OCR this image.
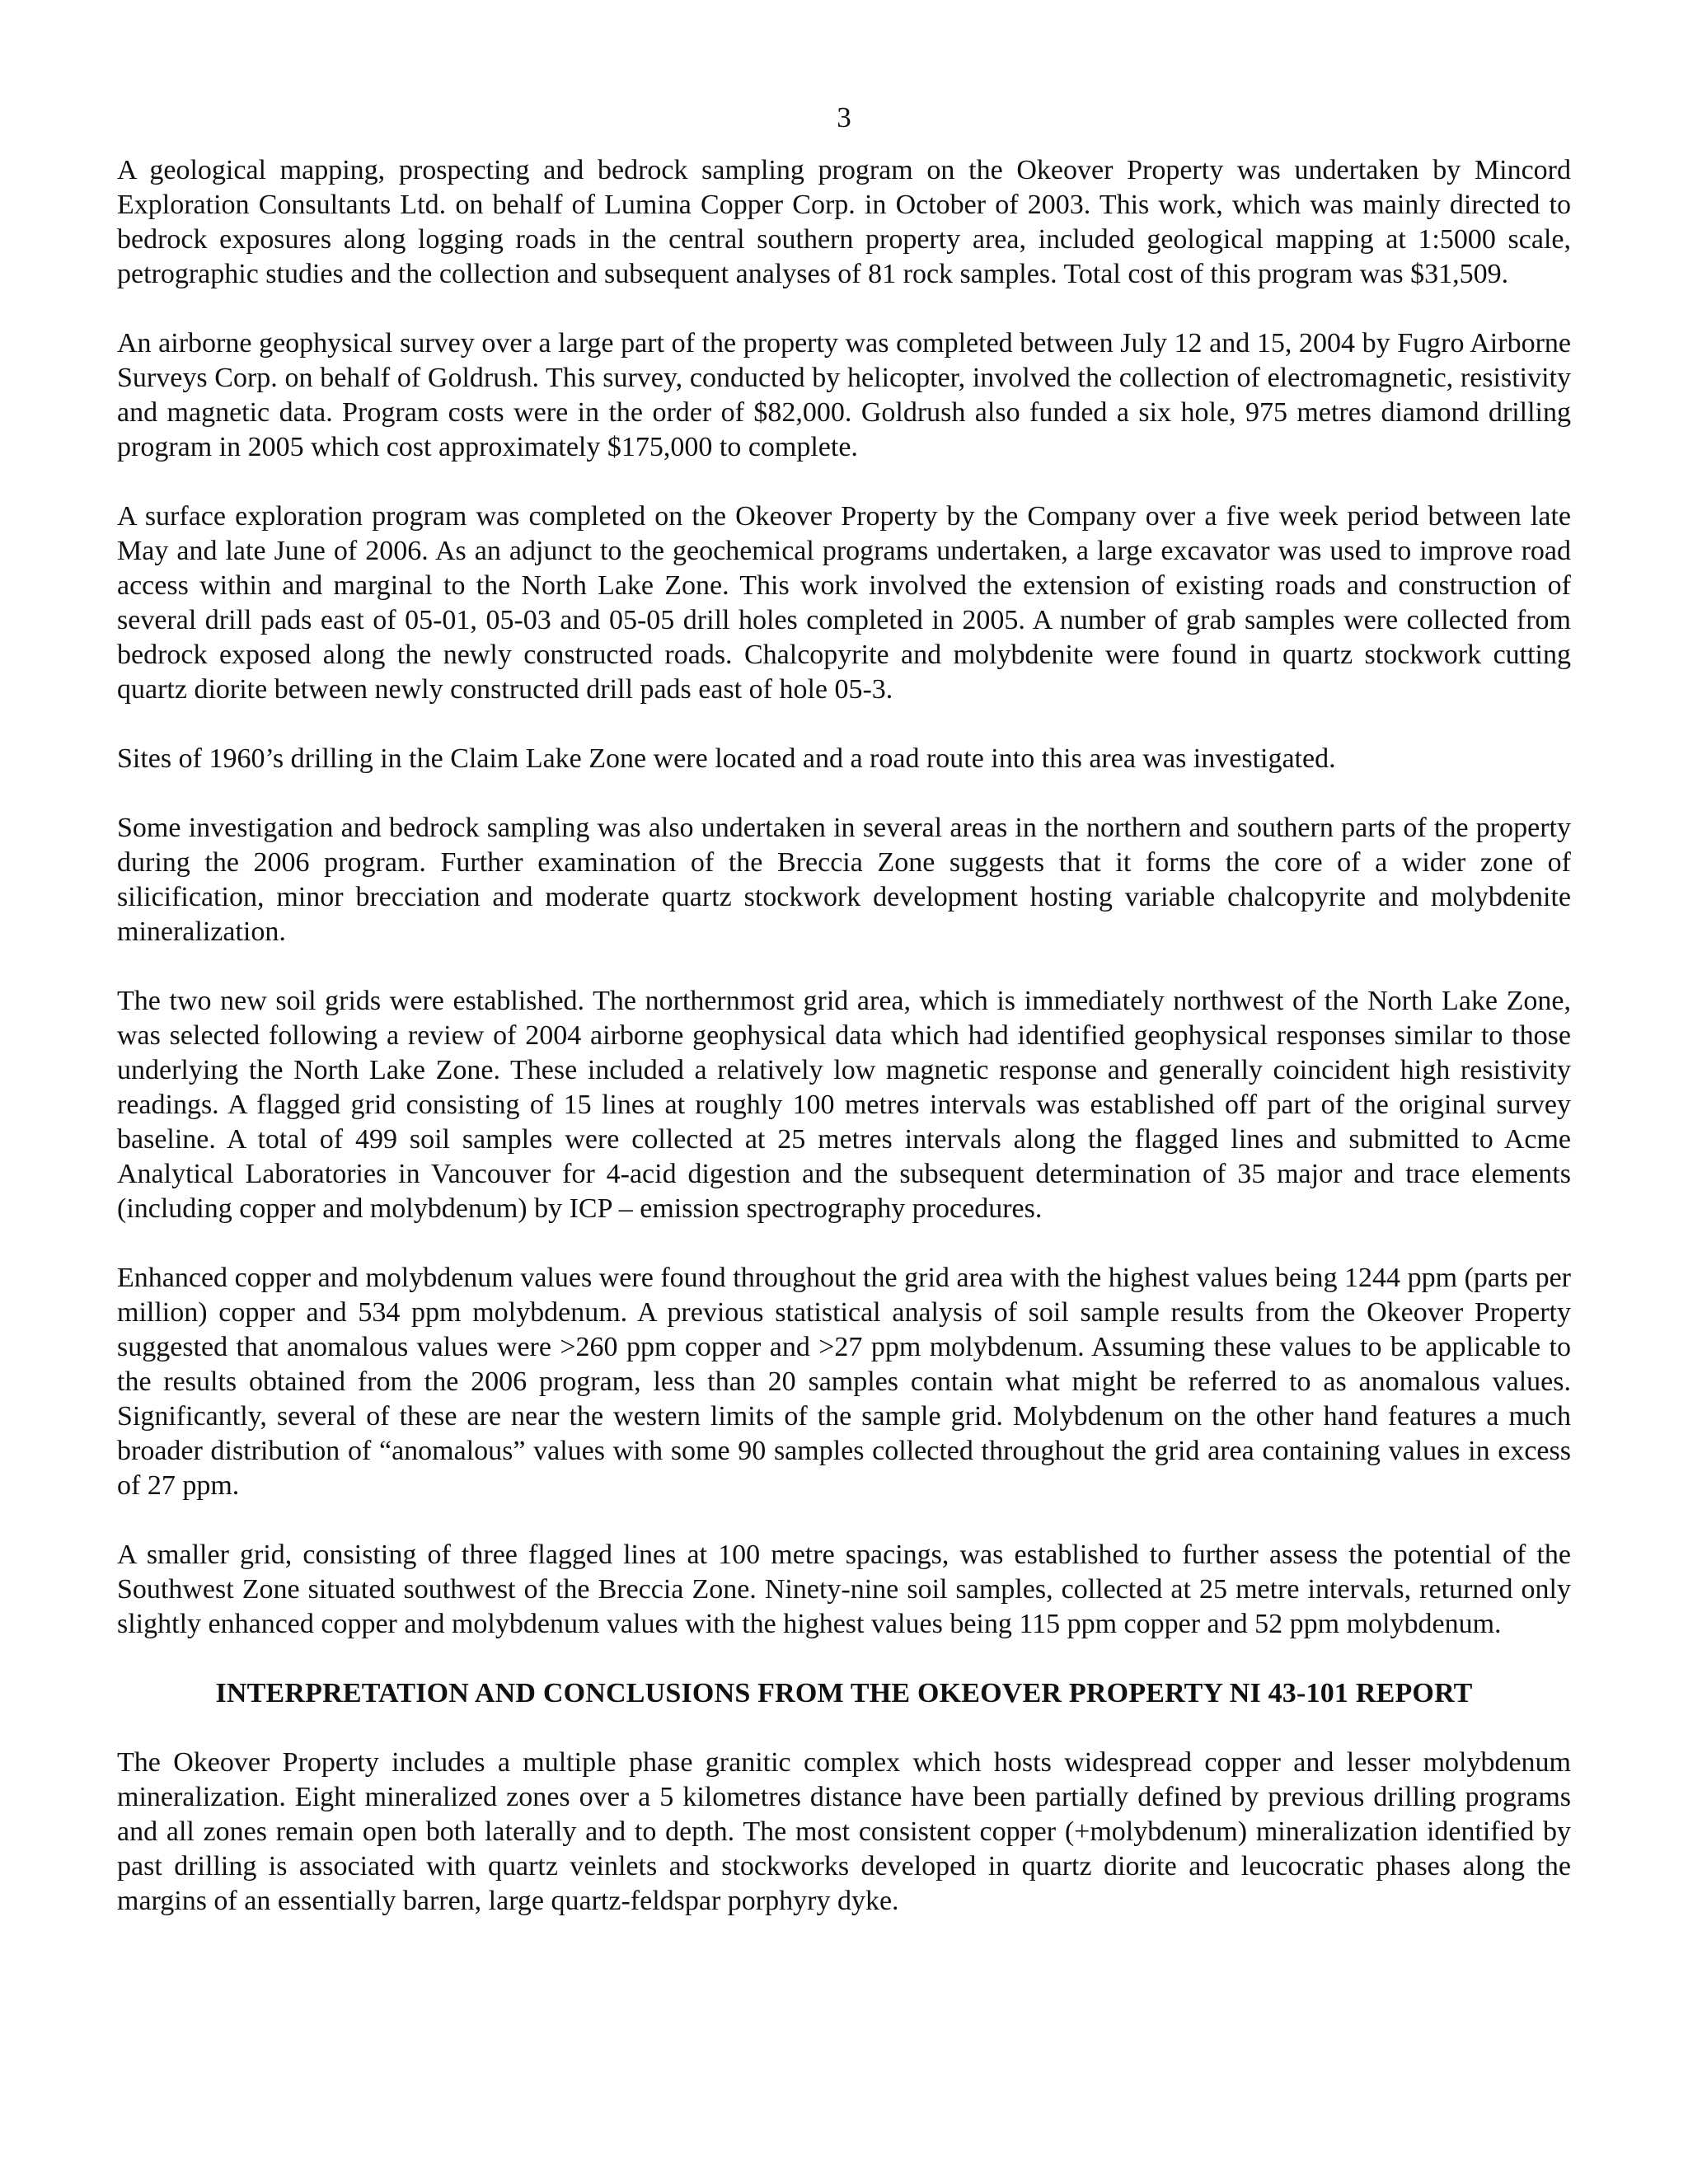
3

A geological mapping, prospecting and bedrock sampling program on the Okeover Property was undertaken by Mincord Exploration Consultants Ltd. on behalf of Lumina Copper Corp. in October of 2003. This work, which was mainly directed to bedrock exposures along logging roads in the central southern property area, included geological mapping at 1:5000 scale, petrographic studies and the collection and subsequent analyses of 81 rock samples. Total cost of this program was $31,509.

An airborne geophysical survey over a large part of the property was completed between July 12 and 15, 2004 by Fugro Airborne Surveys Corp. on behalf of Goldrush. This survey, conducted by helicopter, involved the collection of electromagnetic, resistivity and magnetic data. Program costs were in the order of $82,000. Goldrush also funded a six hole, 975 metres diamond drilling program in 2005 which cost approximately $175,000 to complete.

A surface exploration program was completed on the Okeover Property by the Company over a five week period between late May and late June of 2006. As an adjunct to the geochemical programs undertaken, a large excavator was used to improve road access within and marginal to the North Lake Zone. This work involved the extension of existing roads and construction of several drill pads east of 05-01, 05-03 and 05-05 drill holes completed in 2005. A number of grab samples were collected from bedrock exposed along the newly constructed roads. Chalcopyrite and molybdenite were found in quartz stockwork cutting quartz diorite between newly constructed drill pads east of hole 05-3.

Sites of 1960’s drilling in the Claim Lake Zone were located and a road route into this area was investigated.

Some investigation and bedrock sampling was also undertaken in several areas in the northern and southern parts of the property during the 2006 program. Further examination of the Breccia Zone suggests that it forms the core of a wider zone of silicification, minor brecciation and moderate quartz stockwork development hosting variable chalcopyrite and molybdenite mineralization.

The two new soil grids were established. The northernmost grid area, which is immediately northwest of the North Lake Zone, was selected following a review of 2004 airborne geophysical data which had identified geophysical responses similar to those underlying the North Lake Zone. These included a relatively low magnetic response and generally coincident high resistivity readings. A flagged grid consisting of 15 lines at roughly 100 metres intervals was established off part of the original survey baseline. A total of 499 soil samples were collected at 25 metres intervals along the flagged lines and submitted to Acme Analytical Laboratories in Vancouver for 4-acid digestion and the subsequent determination of 35 major and trace elements (including copper and molybdenum) by ICP – emission spectrography procedures.

Enhanced copper and molybdenum values were found throughout the grid area with the highest values being 1244 ppm (parts per million) copper and 534 ppm molybdenum. A previous statistical analysis of soil sample results from the Okeover Property suggested that anomalous values were >260 ppm copper and >27 ppm molybdenum. Assuming these values to be applicable to the results obtained from the 2006 program, less than 20 samples contain what might be referred to as anomalous values. Significantly, several of these are near the western limits of the sample grid. Molybdenum on the other hand features a much broader distribution of “anomalous” values with some 90 samples collected throughout the grid area containing values in excess of 27 ppm.

A smaller grid, consisting of three flagged lines at 100 metre spacings, was established to further assess the potential of the Southwest Zone situated southwest of the Breccia Zone. Ninety-nine soil samples, collected at 25 metre intervals, returned only slightly enhanced copper and molybdenum values with the highest values being 115 ppm copper and 52 ppm molybdenum.

INTERPRETATION AND CONCLUSIONS FROM THE OKEOVER PROPERTY NI 43-101 REPORT

The Okeover Property includes a multiple phase granitic complex which hosts widespread copper and lesser molybdenum mineralization. Eight mineralized zones over a 5 kilometres distance have been partially defined by previous drilling programs and all zones remain open both laterally and to depth. The most consistent copper (+molybdenum) mineralization identified by past drilling is associated with quartz veinlets and stockworks developed in quartz diorite and leucocratic phases along the margins of an essentially barren, large quartz-feldspar porphyry dyke.
